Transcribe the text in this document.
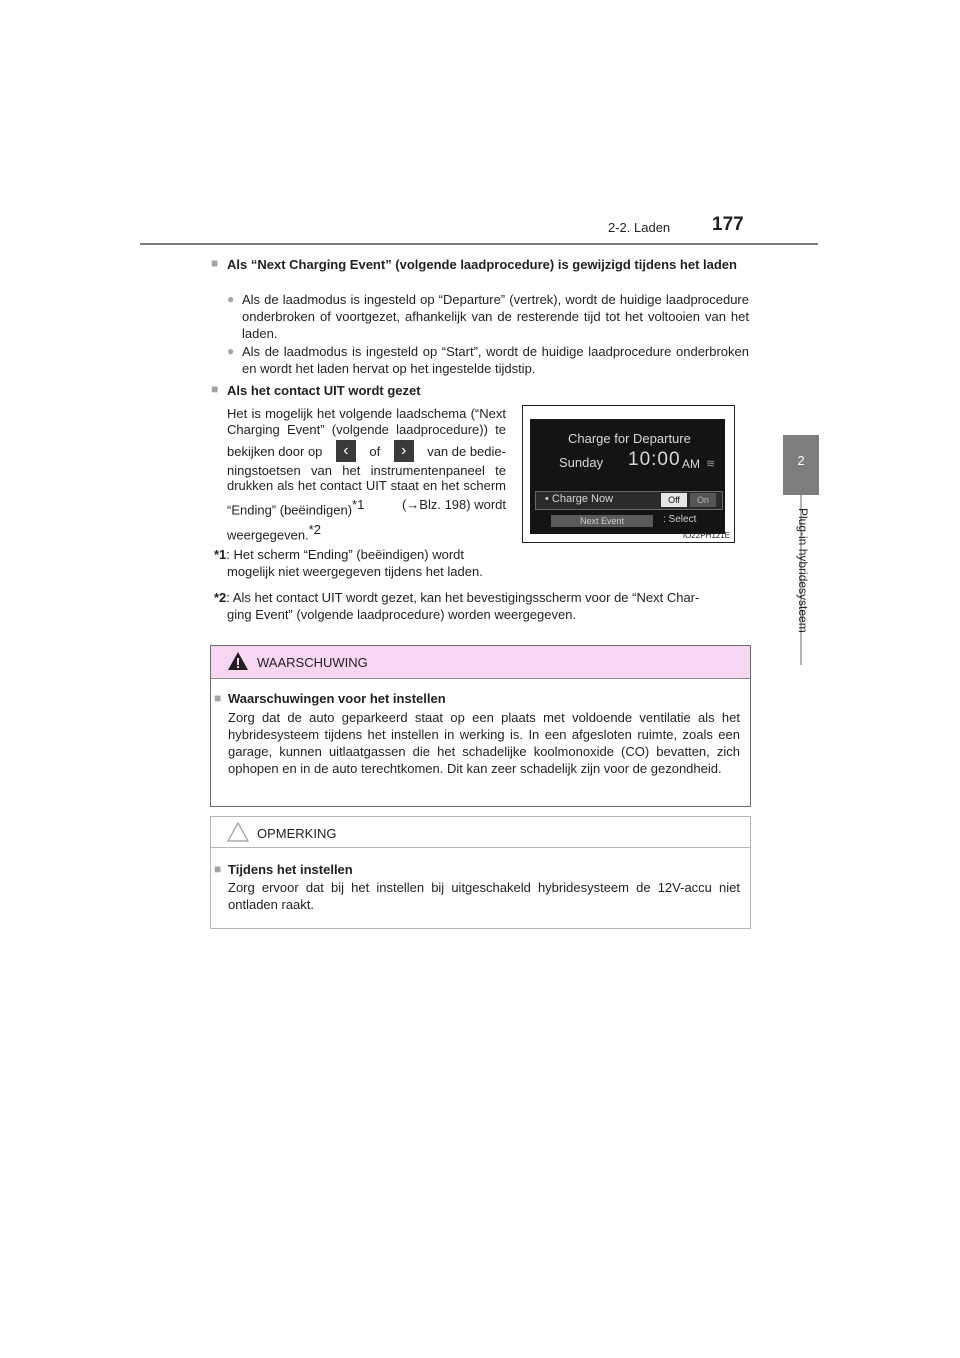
2-2. Laden 177
2
Plug-in hybridesysteem
■ Als “Next Charging Event” (volgende laadprocedure) is gewijzigd tijdens het laden
● Als de laadmodus is ingesteld op “Departure” (vertrek), wordt de huidige laadprocedure onderbroken of voortgezet, afhankelijk van de resterende tijd tot het voltooien van het laden.
● Als de laadmodus is ingesteld op “Start”, wordt de huidige laadprocedure onderbroken en wordt het laden hervat op het ingestelde tijdstip.
■ Als het contact UIT wordt gezet
Het is mogelijk het volgende laadschema (“Next
Charging Event” (volgende laadprocedure)) te
bekijken door op	‹	of	›	van de bedie-
ningstoetsen van het instrumentenpaneel te
drukken als het contact UIT staat en het scherm
“Ending” (beëindigen)$^{*1}$	(→Blz. 198) wordt
weergegeven.$^{*2}$
*1: Het scherm “Ending” (beëindigen) wordt
mogelijk niet weergegeven tijdens het laden.
*2: Als het contact UIT wordt gezet, kan het bevestigingsscherm voor de “Next Char-
ging Event” (volgende laadprocedure) worden weergegeven.
Charge for Departure
Sunday 10:00 AM ≋
• Charge Now	Off	On
Next Event	: Select
IO22PH121E
WAARSCHUWING
■ Waarschuwingen voor het instellen
Zorg dat de auto geparkeerd staat op een plaats met voldoende ventilatie als het hybridesysteem tijdens het instellen in werking is. In een afgesloten ruimte, zoals een garage, kunnen uitlaatgassen die het schadelijke koolmonoxide (CO) bevatten, zich ophopen en in de auto terechtkomen. Dit kan zeer schadelijk zijn voor de gezondheid.
OPMERKING
■ Tijdens het instellen
Zorg ervoor dat bij het instellen bij uitgeschakeld hybridesysteem de 12V-accu niet ontladen raakt.
